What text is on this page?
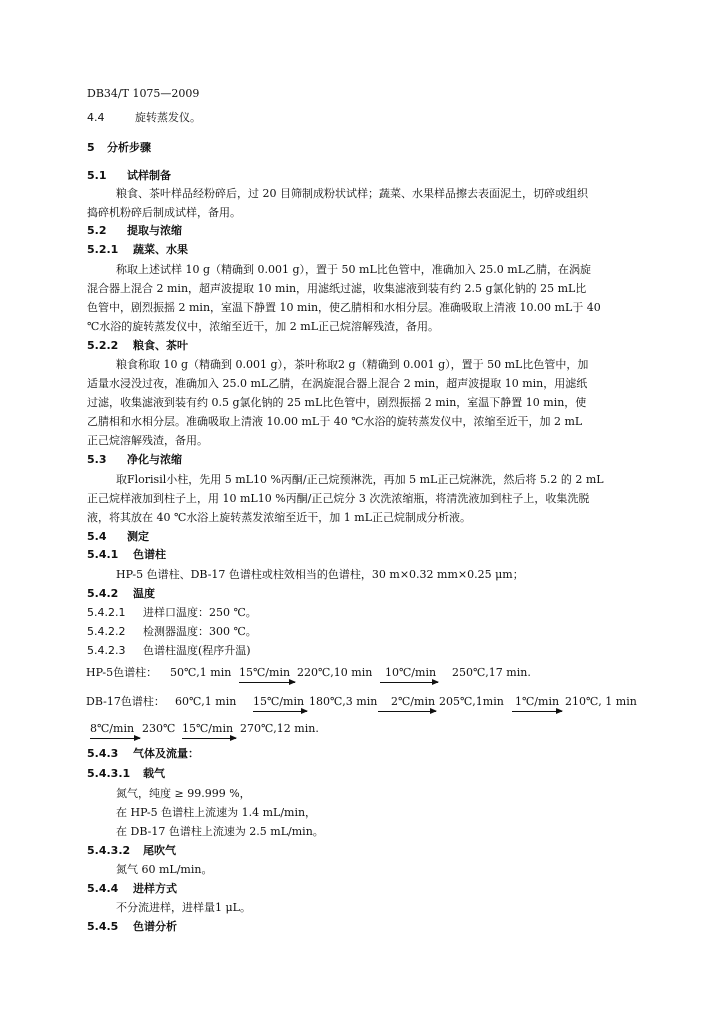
DB34/T 1075—2009
4.4	旋转蒸发仪。
5 分析步骤
5.1 试样制备
粮食、茶叶样品经粉碎后，过 20 目筛制成粉状试样；蔬菜、水果样品擦去表面泥土，切碎或组织
捣碎机粉碎后制成试样，备用。
5.2 提取与浓缩
5.2.1 蔬菜、水果
称取上述试样 10 g（精确到 0.001 g），置于 50 mL比色管中，准确加入 25.0 mL乙腈，在涡旋
混合器上混合 2 min，超声波提取 10 min，用滤纸过滤，收集滤液到装有约 2.5 g氯化钠的 25 mL比
色管中，剧烈振摇 2 min，室温下静置 10 min，使乙腈相和水相分层。准确吸取上清液 10.00 mL于 40
℃水浴的旋转蒸发仪中，浓缩至近干，加 2 mL正己烷溶解残渣，备用。
5.2.2 粮食、茶叶
粮食称取 10 g（精确到 0.001 g），茶叶称取2 g（精确到 0.001 g），置于 50 mL比色管中，加
适量水浸没过夜，准确加入 25.0 mL乙腈，在涡旋混合器上混合 2 min，超声波提取 10 min，用滤纸
过滤，收集滤液到装有约 0.5 g氯化钠的 25 mL比色管中，剧烈振摇 2 min，室温下静置 10 min，使
乙腈相和水相分层。准确吸取上清液 10.00 mL于 40 ℃水浴的旋转蒸发仪中，浓缩至近干，加 2 mL
正己烷溶解残渣，备用。
5.3 净化与浓缩
取Florisil小柱，先用 5 mL10 %丙酮/正己烷预淋洗，再加 5 mL正己烷淋洗，然后将 5.2 的 2 mL
正己烷样液加到柱子上，用 10 mL10 %丙酮/正己烷分 3 次洗浓缩瓶，将清洗液加到柱子上，收集洗脱
液，将其放在 40 ℃水浴上旋转蒸发浓缩至近干，加 1 mL正己烷制成分析液。
5.4 测定
5.4.1 色谱柱
HP-5 色谱柱、DB-17 色谱柱或柱效相当的色谱柱，30 m×0.32 mm×0.25 μm；
5.4.2 温度
5.4.2.1 进样口温度：250 ℃。
5.4.2.2 检测器温度：300 ℃。
5.4.2.3 色谱柱温度(程序升温)
HP-5色谱柱： 50℃,1 min 15℃/min 220℃,10 min 10℃/min 250℃,17 min.
DB-17色谱柱： 60℃,1 min 15℃/min 180℃,3 min 2℃/min 205℃,1min 1℃/min 210℃, 1 min
8℃/min 230℃ 15℃/min 270℃,12 min.
5.4.3 气体及流量：
5.4.3.1 载气
氮气，纯度 ≥ 99.999 %，
在 HP-5 色谱柱上流速为 1.4 mL/min，
在 DB-17 色谱柱上流速为 2.5 mL/min。
5.4.3.2 尾吹气
氮气 60 mL/min。
5.4.4 进样方式
不分流进样，进样量1 μL。
5.4.5 色谱分析
